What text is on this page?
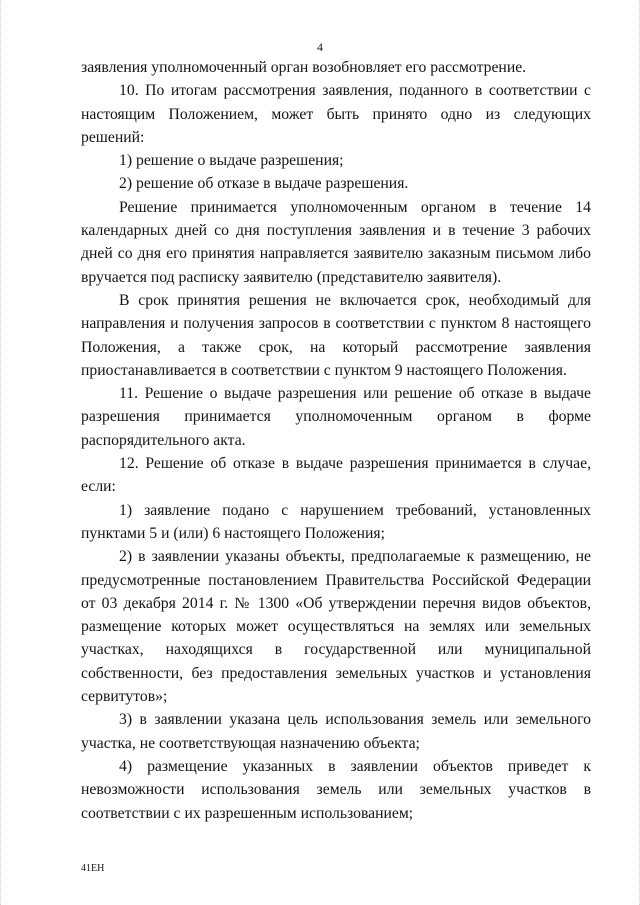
4

заявления уполномоченный орган возобновляет его рассмотрение.

10. По итогам рассмотрения заявления, поданного в соответствии с настоящим Положением, может быть принято одно из следующих решений:

1) решение о выдаче разрешения;

2) решение об отказе в выдаче разрешения.

Решение принимается уполномоченным органом в течение 14 календарных дней со дня поступления заявления и в течение 3 рабочих дней со дня его принятия направляется заявителю заказным письмом либо вручается под расписку заявителю (представителю заявителя).

В срок принятия решения не включается срок, необходимый для направления и получения запросов в соответствии с пунктом 8 настоящего Положения, а также срок, на который рассмотрение заявления приостанавливается в соответствии с пунктом 9 настоящего Положения.

11. Решение о выдаче разрешения или решение об отказе в выдаче разрешения принимается уполномоченным органом в форме распорядительного акта.

12. Решение об отказе в выдаче разрешения принимается в случае, если:

1) заявление подано с нарушением требований, установленных пунктами 5 и (или) 6 настоящего Положения;

2) в заявлении указаны объекты, предполагаемые к размещению, не предусмотренные постановлением Правительства Российской Федерации от 03 декабря 2014 г. № 1300 «Об утверждении перечня видов объектов, размещение которых может осуществляться на землях или земельных участках, находящихся в государственной или муниципальной собственности, без предоставления земельных участков и установления сервитутов»;

3) в заявлении указана цель использования земель или земельного участка, не соответствующая назначению объекта;

4) размещение указанных в заявлении объектов приведет к невозможности использования земель или земельных участков в соответствии с их разрешенным использованием;

41ЕН
